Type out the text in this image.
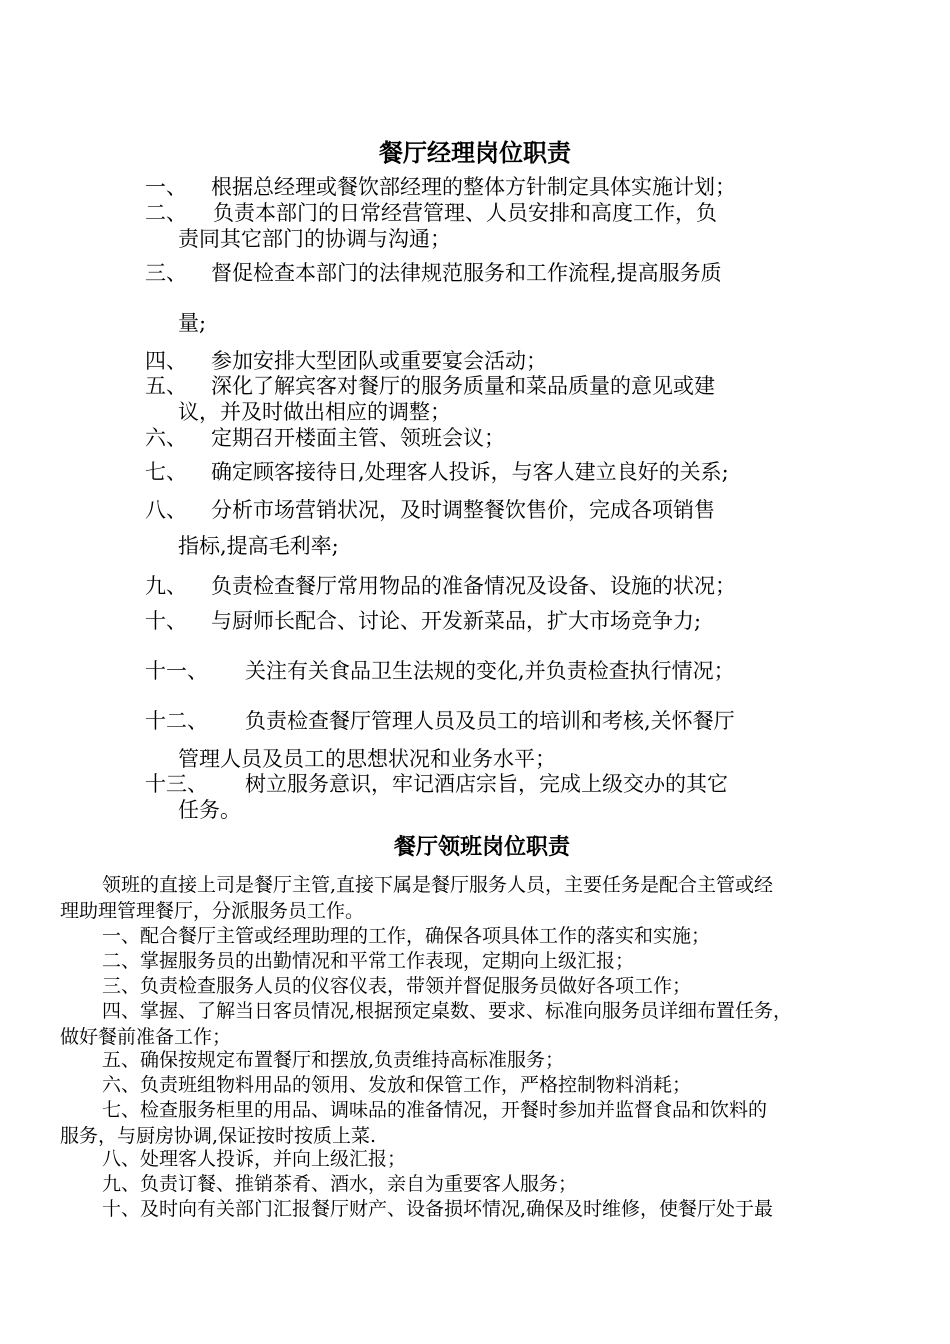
餐厅经理岗位职责
一、 根据总经理或餐饮部经理的整体方针制定具体实施计划；
二、 负责本部门的日常经营管理、人员安排和高度工作，负
责同其它部门的协调与沟通；
三、 督促检查本部门的法律规范服务和工作流程,提高服务质
量;
四、 参加安排大型团队或重要宴会活动；
五、 深化了解宾客对餐厅的服务质量和菜品质量的意见或建
议，并及时做出相应的调整；
六、 定期召开楼面主管、领班会议；
七、 确定顾客接待日,处理客人投诉，与客人建立良好的关系;
八、 分析市场营销状况，及时调整餐饮售价，完成各项销售
指标,提高毛利率;
九、 负责检查餐厅常用物品的准备情况及设备、设施的状况；
十、 与厨师长配合、讨论、开发新菜品，扩大市场竞争力;
十一、 关注有关食品卫生法规的变化,并负责检查执行情况；
十二、 负责检查餐厅管理人员及员工的培训和考核,关怀餐厅
管理人员及员工的思想状况和业务水平；
十三、 树立服务意识，牢记酒店宗旨，完成上级交办的其它
任务。
餐厅领班岗位职责
领班的直接上司是餐厅主管,直接下属是餐厅服务人员，主要任务是配合主管或经
理助理管理餐厅，分派服务员工作。
一、配合餐厅主管或经理助理的工作，确保各项具体工作的落实和实施；
二、掌握服务员的出勤情况和平常工作表现，定期向上级汇报；
三、负责检查服务人员的仪容仪表，带领并督促服务员做好各项工作；
四、掌握、了解当日客员情况,根据预定桌数、要求、标准向服务员详细布置任务，
做好餐前准备工作；
五、确保按规定布置餐厅和摆放,负责维持高标准服务；
六、负责班组物料用品的领用、发放和保管工作，严格控制物料消耗；
七、检查服务柜里的用品、调味品的准备情况，开餐时参加并监督食品和饮料的
服务，与厨房协调,保证按时按质上菜.
八、处理客人投诉，并向上级汇报；
九、负责订餐、推销茶肴、酒水，亲自为重要客人服务；
十、及时向有关部门汇报餐厅财产、设备损坏情况,确保及时维修，使餐厅处于最
